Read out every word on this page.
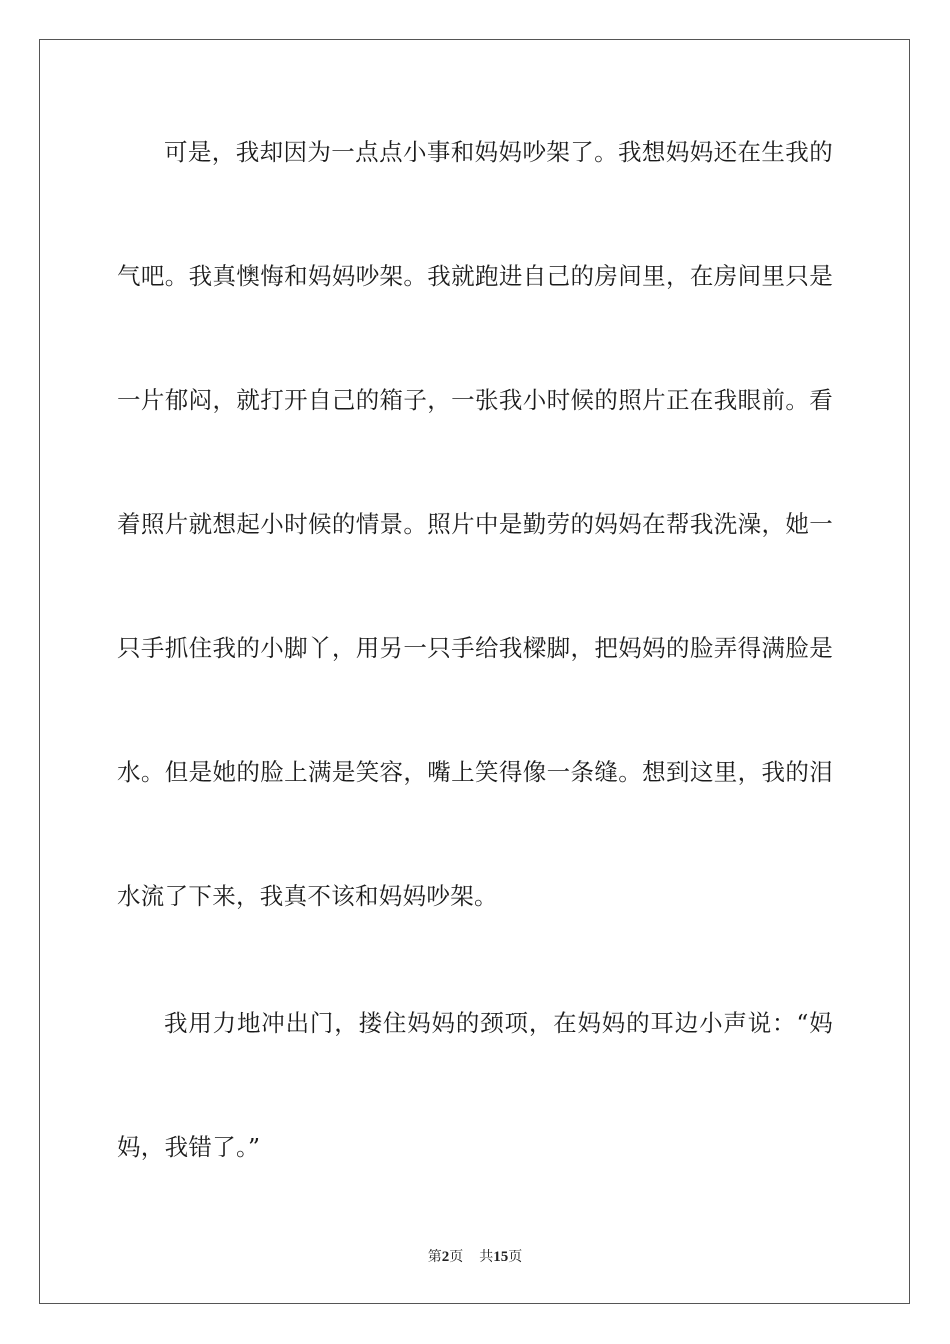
可是，我却因为一点点小事和妈妈吵架了。我想妈妈还在生我的
气吧。我真懊悔和妈妈吵架。我就跑进自己的房间里，在房间里只是
一片郁闷，就打开自己的箱子，一张我小时候的照片正在我眼前。看
着照片就想起小时候的情景。照片中是勤劳的妈妈在帮我洗澡，她一
只手抓住我的小脚丫，用另一只手给我樑脚，把妈妈的脸弄得满脸是
水。但是她的脸上满是笑容，嘴上笑得像一条缝。想到这里，我的泪
水流了下来，我真不该和妈妈吵架。
我用力地冲出门，搂住妈妈的颈项，在妈妈的耳边小声说：“妈
妈，我错了。”
第2页 共15页
